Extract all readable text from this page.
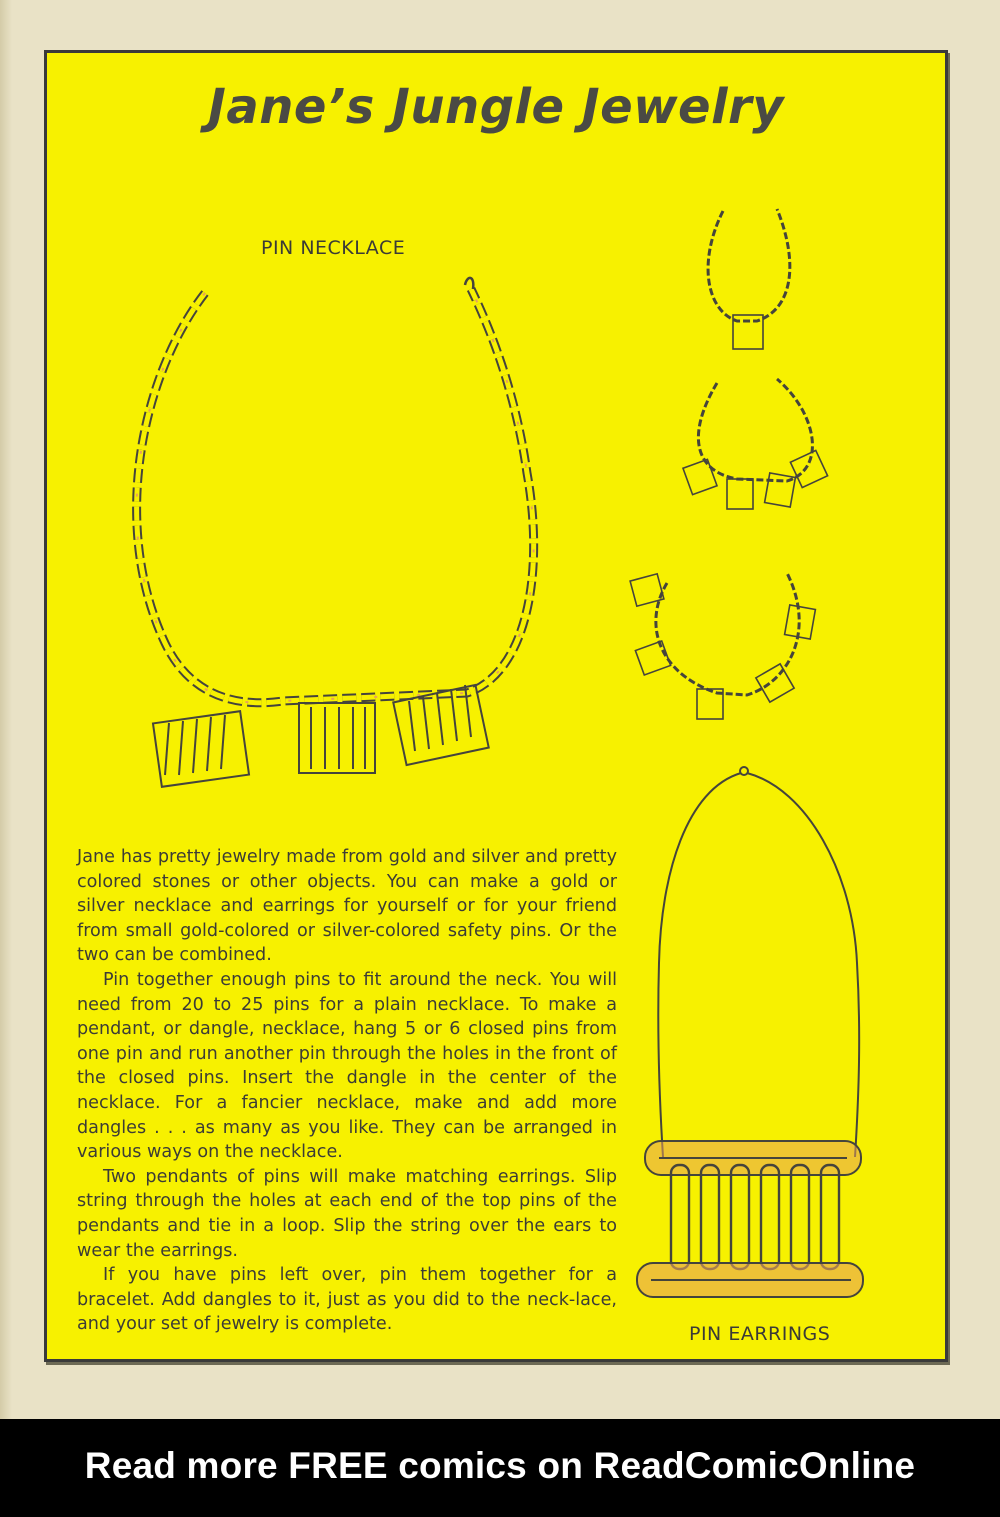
Jane’s Jungle Jewelry
PIN NECKLACE
PIN EARRINGS

Jane has pretty jewelry made from gold and silver and pretty colored stones or other objects. You can make a gold or silver necklace and earrings for yourself or for your friend from small gold-colored or silver-colored safety pins. Or the two can be combined.

Pin together enough pins to fit around the neck. You will need from 20 to 25 pins for a plain necklace. To make a pendant, or dangle, necklace, hang 5 or 6 closed pins from one pin and run another pin through the holes in the front of the closed pins. Insert the dangle in the center of the necklace. For a fancier necklace, make and add more dangles . . . as many as you like. They can be arranged in various ways on the necklace.

Two pendants of pins will make matching earrings. Slip string through the holes at each end of the top pins of the pendants and tie in a loop. Slip the string over the ears to wear the earrings.

If you have pins left over, pin them together for a bracelet. Add dangles to it, just as you did to the neck-lace, and your set of jewelry is complete.

Read more FREE comics on ReadComicOnline
